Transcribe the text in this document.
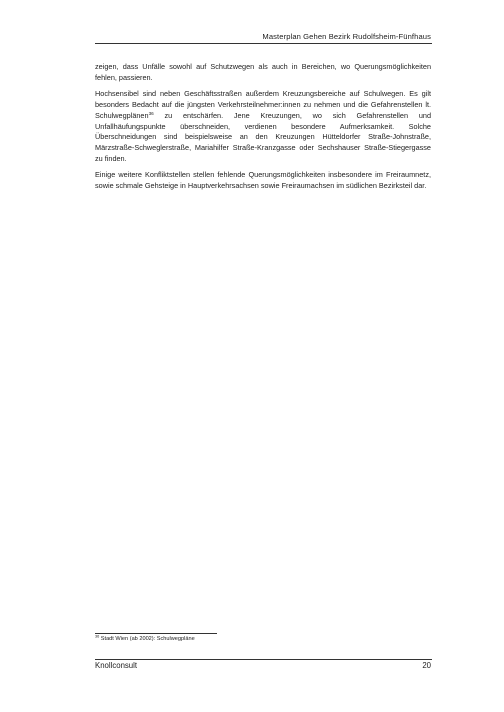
Masterplan Gehen Bezirk Rudolfsheim-Fünfhaus

zeigen, dass Unfälle sowohl auf Schutzwegen als auch in Bereichen, wo Querungsmöglichkeiten fehlen, passieren.

Hochsensibel sind neben Geschäftsstraßen außerdem Kreuzungsbereiche auf Schulwegen. Es gilt besonders Bedacht auf die jüngsten Verkehrsteilnehmer:innen zu nehmen und die Gefahrenstellen lt. Schulwegplänen$^{36}$ zu entschärfen. Jene Kreuzungen, wo sich Gefahrenstellen und Unfallhäufungspunkte überschneiden, verdienen besondere Aufmerksamkeit. Solche Überschneidungen sind beispielsweise an den Kreuzungen Hütteldorfer Straße-Johnstraße, Märzstraße-Schweglerstraße, Mariahilfer Straße-Kranzgasse oder Sechshauser Straße-Stiegergasse zu finden.

Einige weitere Konfliktstellen stellen fehlende Querungsmöglichkeiten insbesondere im Freiraumnetz, sowie schmale Gehsteige in Hauptverkehrsachsen sowie Freiraumachsen im südlichen Bezirksteil dar.

$^{36}$ Stadt Wien (ab 2002): Schulwegpläne
Knollconsult	20
